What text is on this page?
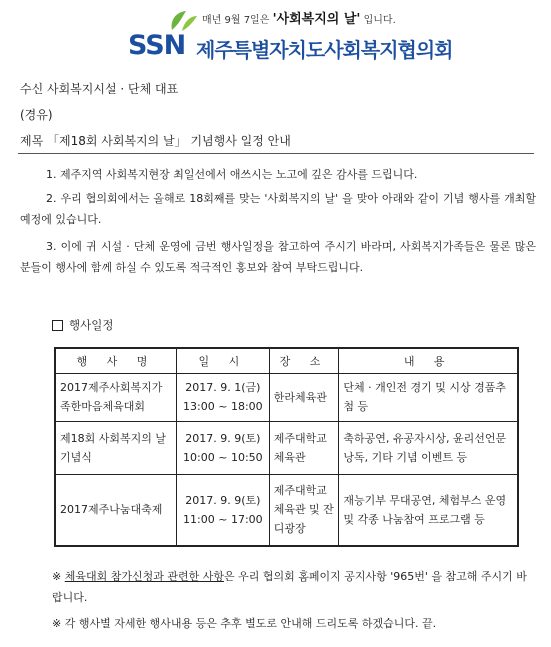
매년 9월 7일은 '사회복지의 날' 입니다.
SSN 제주특별자치도사회복지협의회
수신 사회복지시설 · 단체 대표
(경유)
제목 「제18회 사회복지의 날」 기념행사 일정 안내
1. 제주지역 사회복지현장 최일선에서 애쓰시는 노고에 깊은 감사를 드립니다.
2. 우리 협의회에서는 올해로 18회째를 맞는 '사회복지의 날' 을 맞아 아래와 같이 기념 행사를 개최할 예정에 있습니다.
3. 이에 귀 시설 · 단체 운영에 금번 행사일정을 참고하여 주시기 바라며, 사회복지가족들은 물론 많은 분들이 행사에 함께 하실 수 있도록 적극적인 홍보와 참여 부탁드립니다.
행사일정
행 사 명	일 시	장 소	내 용
2017제주사회복지가족한마음체육대회	2017. 9. 1(금) 13:00 ~ 18:00	한라체육관	단체 · 개인전 경기 및 시상 경품추첨 등
제18회 사회복지의 날 기념식	2017. 9. 9(토) 10:00 ~ 10:50	제주대학교 체육관	축하공연, 유공자시상, 윤리선언문 낭독, 기타 기념 이벤트 등
2017제주나눔대축제	2017. 9. 9(토) 11:00 ~ 17:00	제주대학교 체육관 및 잔디광장	재능기부 무대공연, 체험부스 운영 및 각종 나눔참여 프로그램 등
※ 체육대회 참가신청과 관련한 사항은 우리 협의회 홈페이지 공지사항 '965번' 을 참고해 주시기 바랍니다.
※ 각 행사별 자세한 행사내용 등은 추후 별도로 안내해 드리도록 하겠습니다. 끝.
